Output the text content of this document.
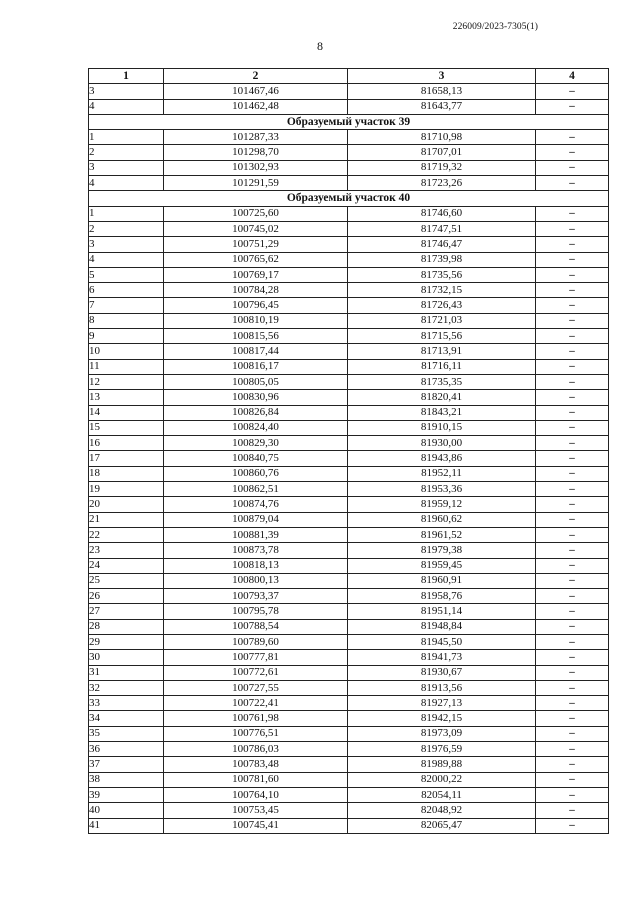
226009/2023-7305(1)
8
1	2	3	4
3	101467,46	81658,13	–
4	101462,48	81643,77	–
Образуемый участок 39			
1	101287,33	81710,98	–
2	101298,70	81707,01	–
3	101302,93	81719,32	–
4	101291,59	81723,26	–
Образуемый участок 40			
1	100725,60	81746,60	–
2	100745,02	81747,51	–
3	100751,29	81746,47	–
4	100765,62	81739,98	–
5	100769,17	81735,56	–
6	100784,28	81732,15	–
7	100796,45	81726,43	–
8	100810,19	81721,03	–
9	100815,56	81715,56	–
10	100817,44	81713,91	–
11	100816,17	81716,11	–
12	100805,05	81735,35	–
13	100830,96	81820,41	–
14	100826,84	81843,21	–
15	100824,40	81910,15	–
16	100829,30	81930,00	–
17	100840,75	81943,86	–
18	100860,76	81952,11	–
19	100862,51	81953,36	–
20	100874,76	81959,12	–
21	100879,04	81960,62	–
22	100881,39	81961,52	–
23	100873,78	81979,38	–
24	100818,13	81959,45	–
25	100800,13	81960,91	–
26	100793,37	81958,76	–
27	100795,78	81951,14	–
28	100788,54	81948,84	–
29	100789,60	81945,50	–
30	100777,81	81941,73	–
31	100772,61	81930,67	–
32	100727,55	81913,56	–
33	100722,41	81927,13	–
34	100761,98	81942,15	–
35	100776,51	81973,09	–
36	100786,03	81976,59	–
37	100783,48	81989,88	–
38	100781,60	82000,22	–
39	100764,10	82054,11	–
40	100753,45	82048,92	–
41	100745,41	82065,47	–
